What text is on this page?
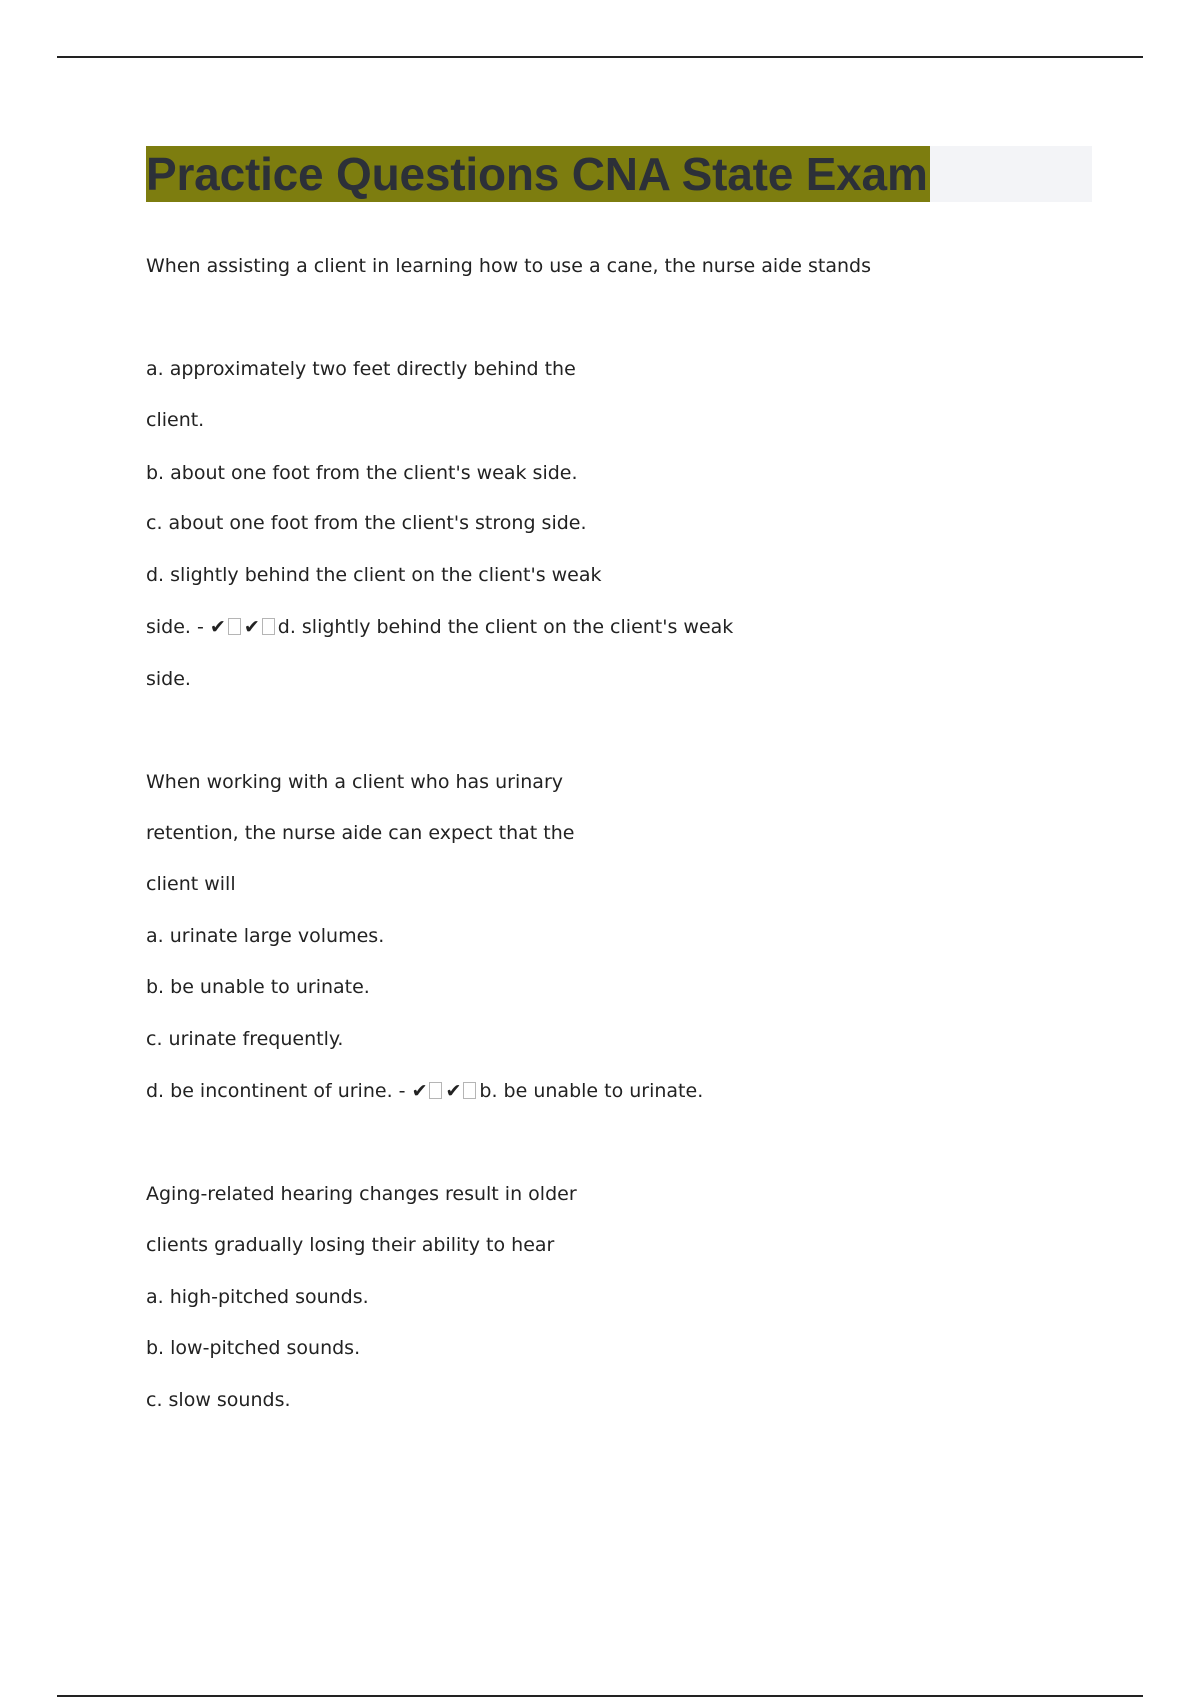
Practice Questions CNA State Exam
When assisting a client in learning how to use a cane, the nurse aide stands
a. approximately two feet directly behind the
client.
b. about one foot from the client's weak side.
c. about one foot from the client's strong side.
d. slightly behind the client on the client's weak
side. - ✔ ✔ d. slightly behind the client on the client's weak
side.
When working with a client who has urinary
retention, the nurse aide can expect that the
client will
a. urinate large volumes.
b. be unable to urinate.
c. urinate frequently.
d. be incontinent of urine. - ✔ ✔ b. be unable to urinate.
Aging-related hearing changes result in older
clients gradually losing their ability to hear
a. high-pitched sounds.
b. low-pitched sounds.
c. slow sounds.
